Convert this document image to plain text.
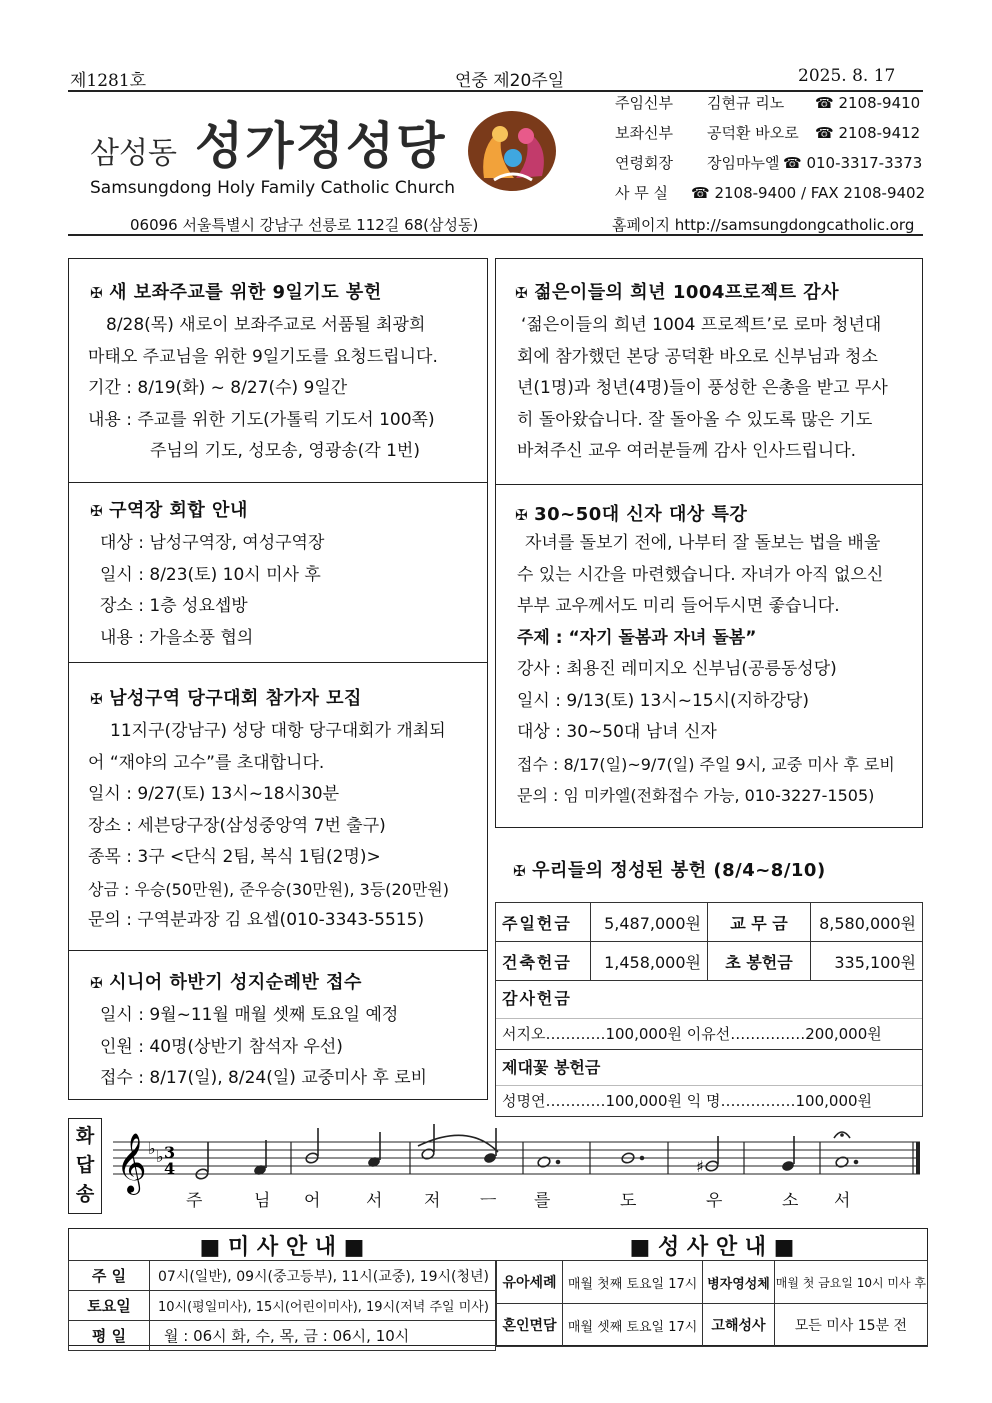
제1281호	연중 제20주일	2025. 8. 17
삼성동 성가정성당
Samsungdong Holy Family Catholic Church
주임신부 김현규 리노 ☎ 2108-9410
보좌신부 공덕환 바오로 ☎ 2108-9412
연령회장 장임마누엘 ☎ 010-3317-3373
사 무 실 ☎ 2108-9400 / FAX 2108-9402
06096 서울특별시 강남구 선릉로 112길 68(삼성동)	홈페이지 http://samsungdongcatholic.org
✠ 새 보좌주교를 위한 9일기도 봉헌
8/28(목) 새로이 보좌주교로 서품될 최광희
마태오 주교님을 위한 9일기도를 요청드립니다.
기간 : 8/19(화) ~ 8/27(수) 9일간
내용 : 주교를 위한 기도(가톨릭 기도서 100쪽)
주님의 기도, 성모송, 영광송(각 1번)
✠ 구역장 회합 안내
대상 : 남성구역장, 여성구역장
일시 : 8/23(토) 10시 미사 후
장소 : 1층 성요셉방
내용 : 가을소풍 협의
✠ 남성구역 당구대회 참가자 모집
11지구(강남구) 성당 대항 당구대회가 개최되
어 “재야의 고수”를 초대합니다.
일시 : 9/27(토) 13시~18시30분
장소 : 세븐당구장(삼성중앙역 7번 출구)
종목 : 3구 <단식 2팀, 복식 1팀(2명)>
상금 : 우승(50만원), 준우승(30만원), 3등(20만원)
문의 : 구역분과장 김 요셉(010-3343-5515)
✠ 시니어 하반기 성지순례반 접수
일시 : 9월~11월 매월 셋째 토요일 예정
인원 : 40명(상반기 참석자 우선)
접수 : 8/17(일), 8/24(일) 교중미사 후 로비
✠ 젊은이들의 희년 1004프로젝트 감사
‘젊은이들의 희년 1004 프로젝트’로 로마 청년대
회에 참가했던 본당 공덕환 바오로 신부님과 청소
년(1명)과 청년(4명)들이 풍성한 은총을 받고 무사
히 돌아왔습니다. 잘 돌아올 수 있도록 많은 기도
바쳐주신 교우 여러분들께 감사 인사드립니다.
✠ 30~50대 신자 대상 특강
자녀를 돌보기 전에, 나부터 잘 돌보는 법을 배울
수 있는 시간을 마련했습니다. 자녀가 아직 없으신
부부 교우께서도 미리 들어두시면 좋습니다.
주제 : “자기 돌봄과 자녀 돌봄”
강사 : 최용진 레미지오 신부님(공릉동성당)
일시 : 9/13(토) 13시~15시(지하강당)
대상 : 30~50대 남녀 신자
접수 : 8/17(일)~9/7(일) 주일 9시, 교중 미사 후 로비
문의 : 임 미카엘(전화접수 가능, 010-3227-1505)
✠ 우리들의 정성된 봉헌 (8/4~8/10)
주일헌금	5,487,000원	교 무 금	8,580,000원
건축헌금	1,458,000원	초 봉헌금	335,100원

감사헌금
서지오…………100,000원 이유선……………200,000원			

제대꽃 봉헌금
성명연…………100,000원 익 명……………100,000원			
화
답
송
𝄞 ♭ ♭ 3
4	♯
주	님 어	서 저 ㅡ 를	도	우	소 서
■ 미 사 안 내 ■
주 일	07시(일반), 09시(중고등부), 11시(교중), 19시(청년)
토요일	10시(평일미사), 15시(어린이미사), 19시(저녁 주일 미사)
평 일	월 : 06시 화, 수, 목, 금 : 06시, 10시
■ 성 사 안 내 ■
유아세례	매월 첫째 토요일 17시	병자영성체	매월 첫 금요일 10시 미사 후
혼인면담	매월 셋째 토요일 17시	고해성사	모든 미사 15분 전
